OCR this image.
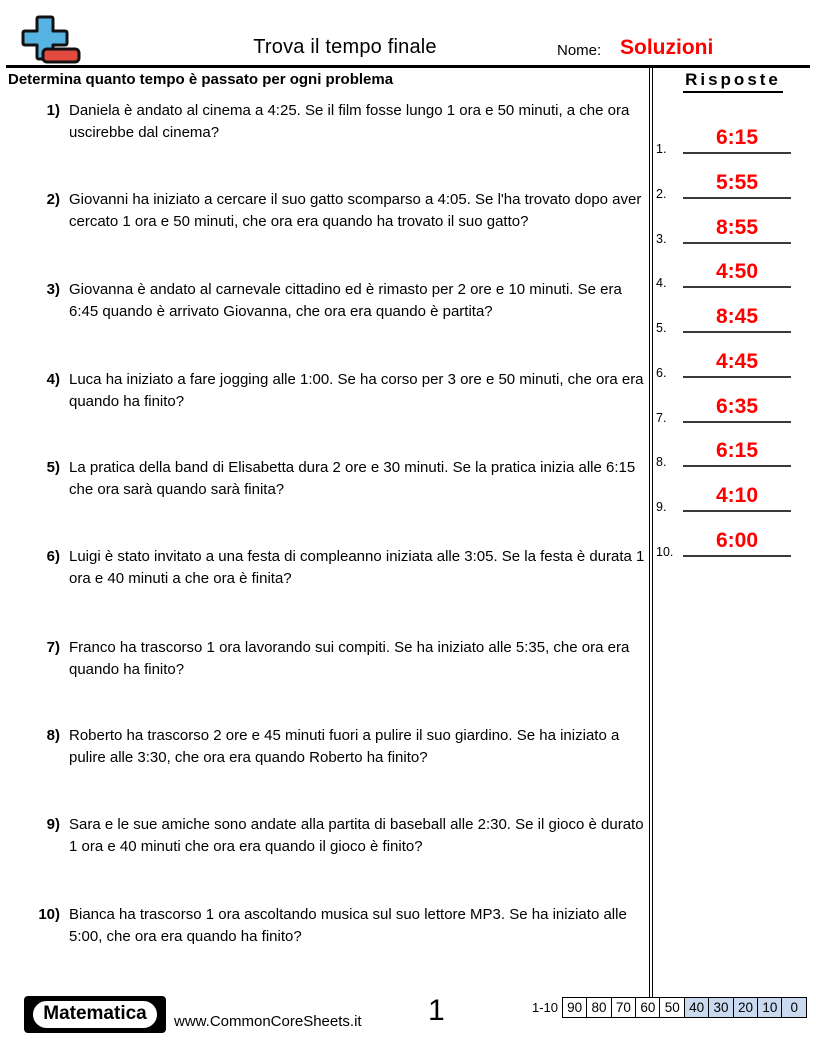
Trova il tempo finale	Nome: Soluzioni
Determina quanto tempo è passato per ogni problema	Risposte
1.	6:15
2.	5:55
3.	8:55
4.	4:50
5.	8:45
6.	4:45
7.	6:35
8.	6:15
9.	4:10
10.	6:00
1) Daniela è andato al cinema a 4:25. Se il film fosse lungo 1 ora e 50 minuti, a che ora uscirebbe dal cinema?
2) Giovanni ha iniziato a cercare il suo gatto scomparso a 4:05. Se l'ha trovato dopo aver cercato 1 ora e 50 minuti, che ora era quando ha trovato il suo gatto?
3) Giovanna è andato al carnevale cittadino ed è rimasto per 2 ore e 10 minuti. Se era 6:45 quando è arrivato Giovanna, che ora era quando è partita?
4) Luca ha iniziato a fare jogging alle 1:00. Se ha corso per 3 ore e 50 minuti, che ora era quando ha finito?
5) La pratica della band di Elisabetta dura 2 ore e 30 minuti. Se la pratica inizia alle 6:15 che ora sarà quando sarà finita?
6) Luigi è stato invitato a una festa di compleanno iniziata alle 3:05. Se la festa è durata 1 ora e 40 minuti a che ora è finita?
7) Franco ha trascorso 1 ora lavorando sui compiti. Se ha iniziato alle 5:35, che ora era quando ha finito?
8) Roberto ha trascorso 2 ore e 45 minuti fuori a pulire il suo giardino. Se ha iniziato a pulire alle 3:30, che ora era quando Roberto ha finito?
9) Sara e le sue amiche sono andate alla partita di baseball alle 2:30. Se il gioco è durato 1 ora e 40 minuti che ora era quando il gioco è finito?
10) Bianca ha trascorso 1 ora ascoltando musica sul suo lettore MP3. Se ha iniziato alle 5:00, che ora era quando ha finito?
Matematica	www.CommonCoreSheets.it 1	1-10 90 80 70 60 50 40 30 20 10 0
